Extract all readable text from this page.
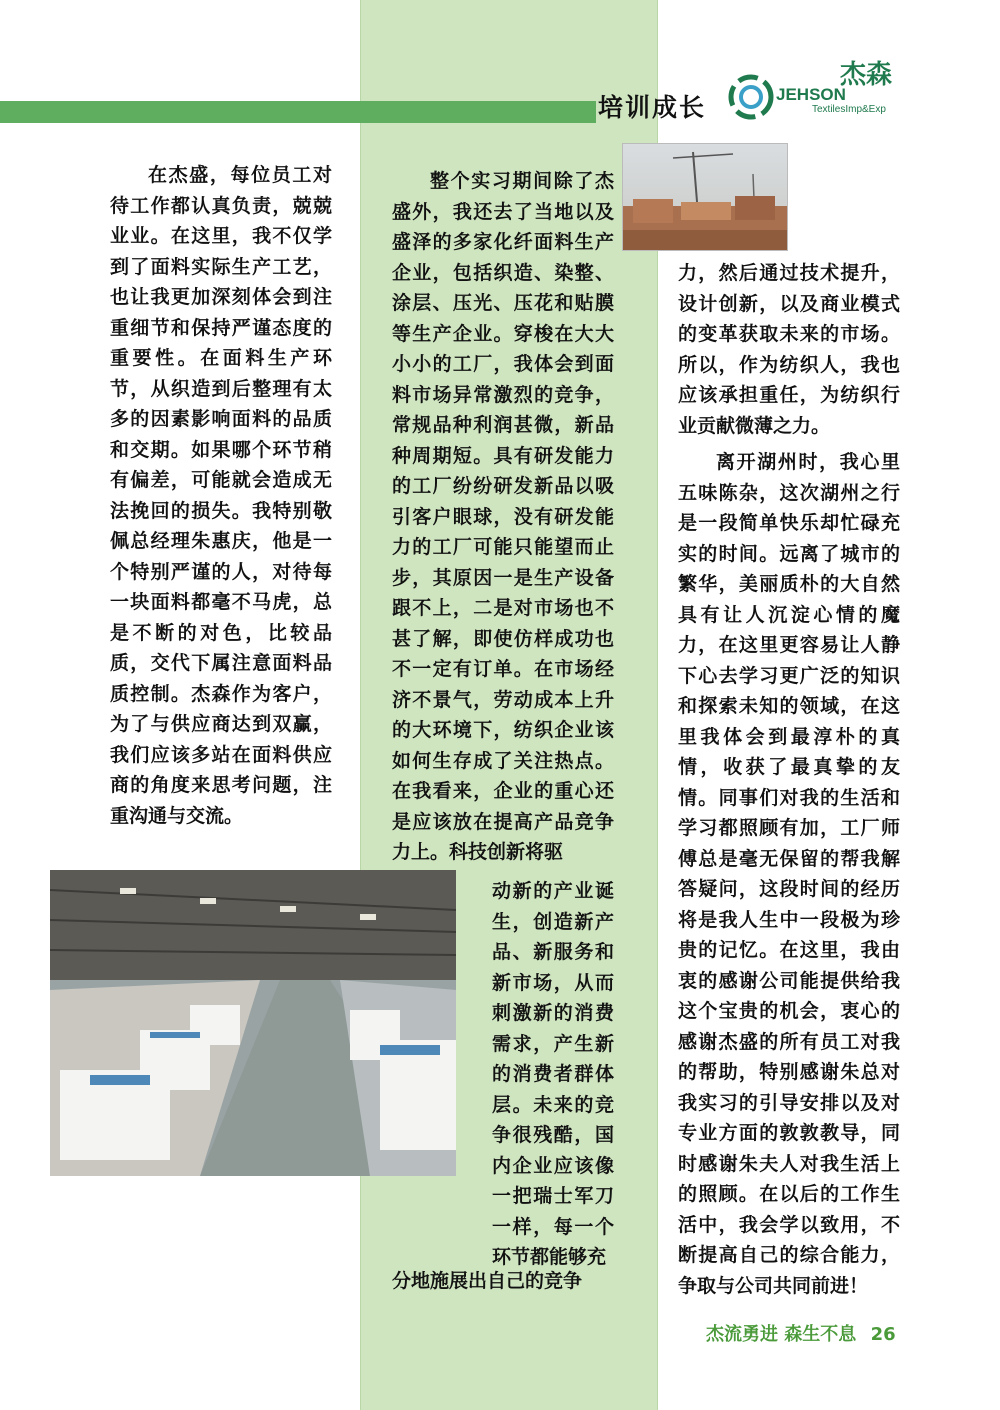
培训成长	JEHSON
TextilesImp&Exp
杰森

在杰盛，每位员工对待工作都认真负责，兢兢业业。在这里，我不仅学到了面料实际生产工艺，也让我更加深刻体会到注重细节和保持严谨态度的重要性。在面料生产环节，从织造到后整理有太多的因素影响面料的品质和交期。如果哪个环节稍有偏差，可能就会造成无法挽回的损失。我特别敬佩总经理朱惠庆，他是一个特别严谨的人，对待每一块面料都毫不马虎，总是不断的对色，比较品质，交代下属注意面料品质控制。杰森作为客户，为了与供应商达到双赢，我们应该多站在面料供应商的角度来思考问题，注重沟通与交流。

整个实习期间除了杰盛外，我还去了当地以及盛泽的多家化纤面料生产企业，包括织造、染整、涂层、压光、压花和贴膜等生产企业。穿梭在大大小小的工厂，我体会到面料市场异常激烈的竞争，常规品种利润甚微，新品种周期短。具有研发能力的工厂纷纷研发新品以吸引客户眼球，没有研发能力的工厂可能只能望而止步，其原因一是生产设备跟不上，二是对市场也不甚了解，即使仿样成功也不一定有订单。在市场经济不景气，劳动成本上升的大环境下，纺织企业该如何生存成了关注热点。在我看来，企业的重心还是应该放在提高产品竞争力上。科技创新将驱

动新的产业诞生，创造新产品、新服务和新市场，从而刺激新的消费需求，产生新的消费者群体层。未来的竞争很残酷，国内企业应该像一把瑞士军刀一样，每一个环节都能够充

分地施展出自己的竞争

力，然后通过技术提升，设计创新，以及商业模式的变革获取未来的市场。所以，作为纺织人，我也应该承担重任，为纺织行业贡献微薄之力。

离开湖州时，我心里五味陈杂，这次湖州之行是一段简单快乐却忙碌充实的时间。远离了城市的繁华，美丽质朴的大自然具有让人沉淀心情的魔力，在这里更容易让人静下心去学习更广泛的知识和探索未知的领域，在这里我体会到最淳朴的真情，收获了最真挚的友情。同事们对我的生活和学习都照顾有加，工厂师傅总是毫无保留的帮我解答疑问，这段时间的经历将是我人生中一段极为珍贵的记忆。在这里，我由衷的感谢公司能提供给我这个宝贵的机会，衷心的感谢杰盛的所有员工对我的帮助，特别感谢朱总对我实习的引导安排以及对专业方面的敦敦教导，同时感谢朱夫人对我生活上的照顾。在以后的工作生活中，我会学以致用，不断提高自己的综合能力，争取与公司共同前进！

杰流勇进 森生不息 26
